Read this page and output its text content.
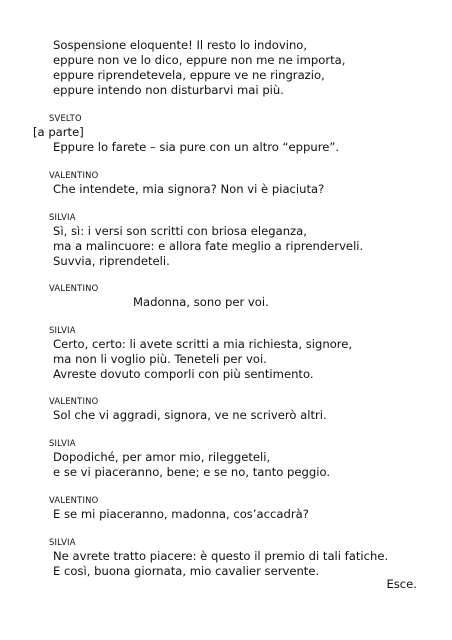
Sospensione eloquente! Il resto lo indovino,
eppure non ve lo dico, eppure non me ne importa,
eppure riprendetevela, eppure ve ne ringrazio,
eppure intendo non disturbarvi mai più.
SVELTO
[a parte]
Eppure lo farete – sia pure con un altro “eppure”.
VALENTINO
Che intendete, mia signora? Non vi è piaciuta?
SILVIA
Sì, sì: i versi son scritti con briosa eleganza,
ma a malincuore: e allora fate meglio a riprenderveli.
Suvvia, riprendeteli.
VALENTINO
Madonna, sono per voi.
SILVIA
Certo, certo: li avete scritti a mia richiesta, signore,
ma non li voglio più. Teneteli per voi.
Avreste dovuto comporli con più sentimento.
VALENTINO
Sol che vi aggradi, signora, ve ne scriverò altri.
SILVIA
Dopodiché, per amor mio, rileggeteli,
e se vi piaceranno, bene; e se no, tanto peggio.
VALENTINO
E se mi piaceranno, madonna, cos’accadrà?
SILVIA
Ne avrete tratto piacere: è questo il premio di tali fatiche.
E così, buona giornata, mio cavalier servente.
Esce.
